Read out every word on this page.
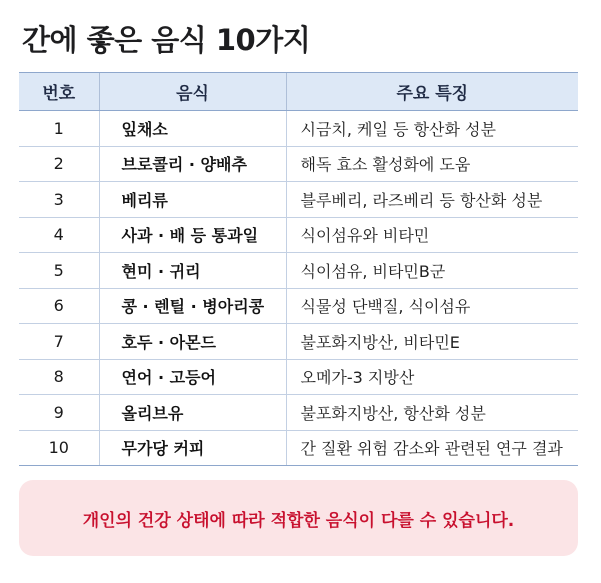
간에 좋은 음식 10가지
번호	음식	주요 특징
1	잎채소	시금치, 케일 등 항산화 성분
2	브로콜리 · 양배추	해독 효소 활성화에 도움
3	베리류	블루베리, 라즈베리 등 항산화 성분
4	사과 · 배 등 통과일	식이섬유와 비타민
5	현미 · 귀리	식이섬유, 비타민B군
6	콩 · 렌틸 · 병아리콩	식물성 단백질, 식이섬유
7	호두 · 아몬드	불포화지방산, 비타민E
8	연어 · 고등어	오메가-3 지방산
9	올리브유	불포화지방산, 항산화 성분
10	무가당 커피	간 질환 위험 감소와 관련된 연구 결과
개인의 건강 상태에 따라 적합한 음식이 다를 수 있습니다.
